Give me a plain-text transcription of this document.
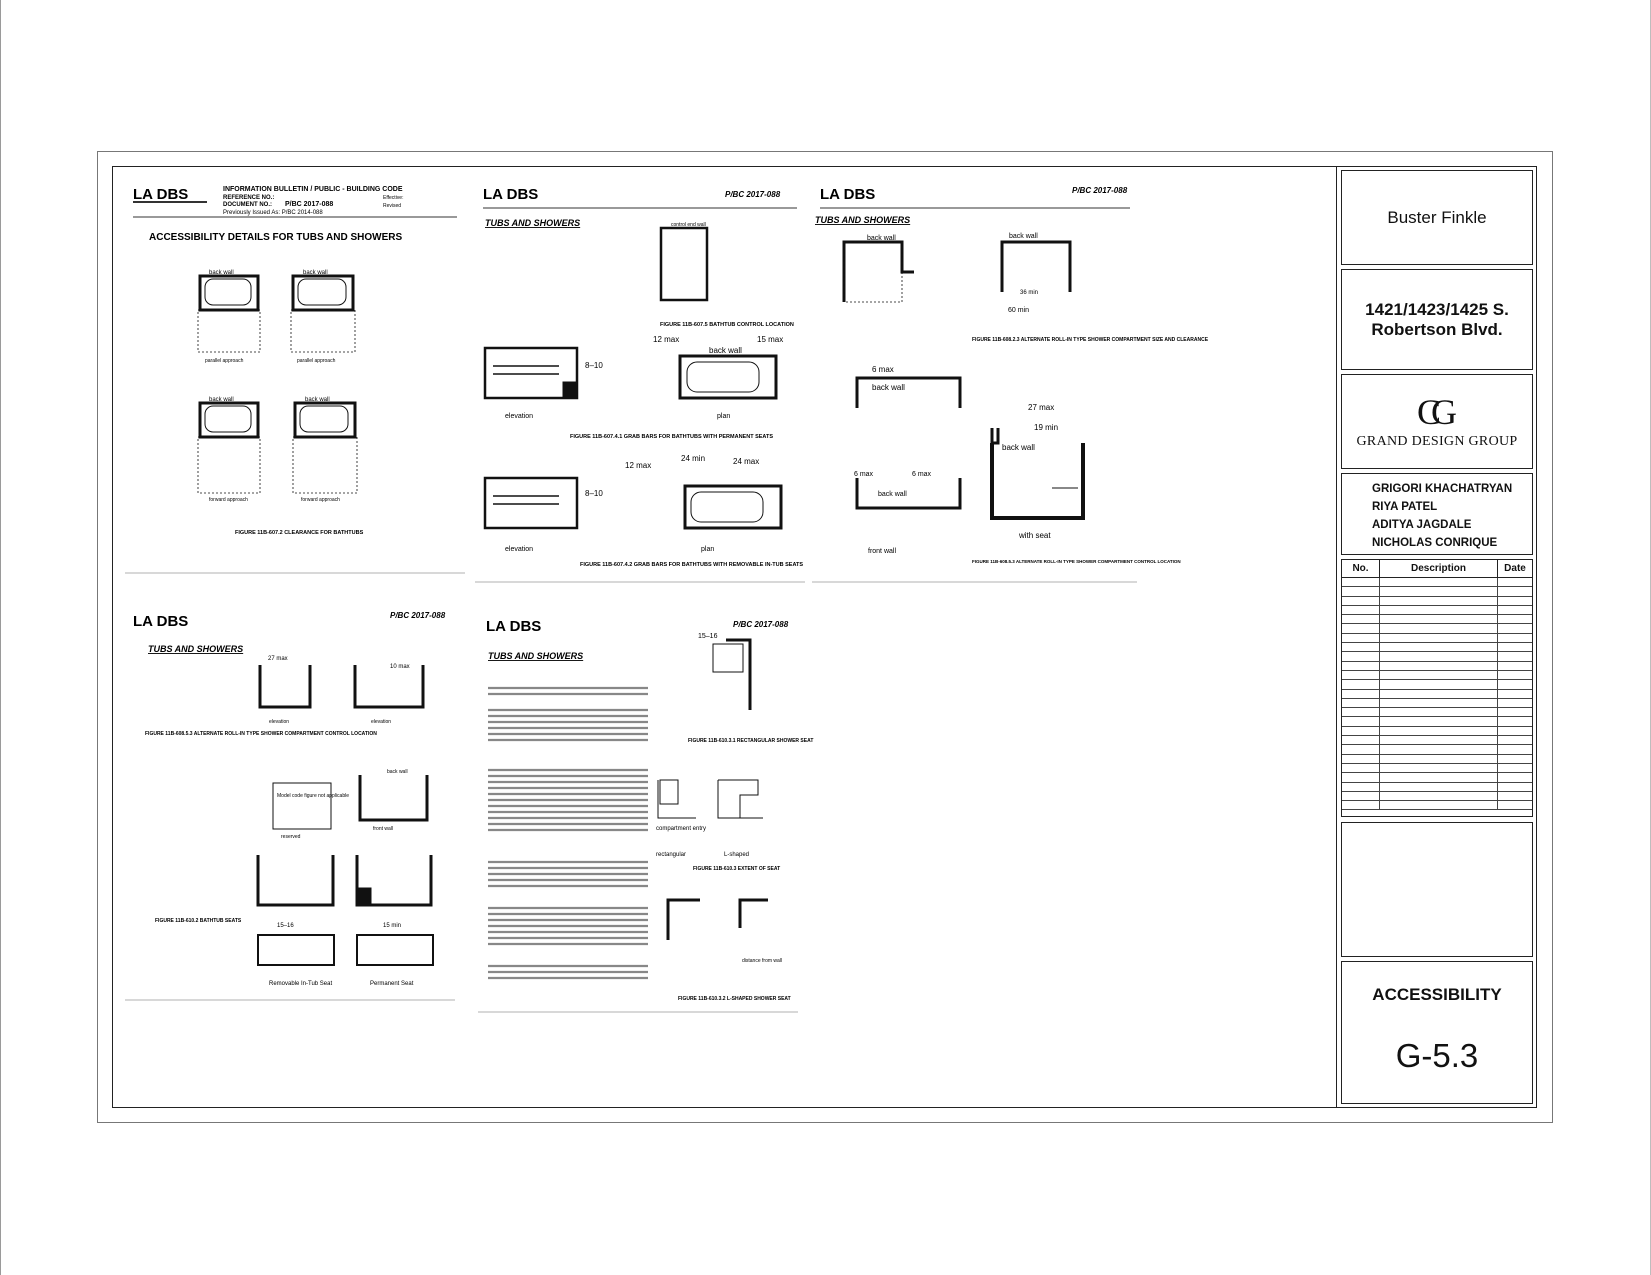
LA DBS	INFORMATION BULLETIN / PUBLIC - BUILDING CODE
REFERENCE NO.:
DOCUMENT NO.: P/BC 2017-088
Previously Issued As: P/BC 2014-088
Effective:
Revised
ACCESSIBILITY DETAILS FOR TUBS AND SHOWERS
back wall	back wall
parallel approach	parallel approach
back wall	back wall
forward approach	forward approach
FIGURE 11B-607.2 CLEARANCE FOR BATHTUBS
LA DBS	P/BC 2017-088
TUBS AND SHOWERS	control end wall
FIGURE 11B-607.5 BATHTUB CONTROL LOCATION
12 max	15 max
back wall
8–10
elevation	plan
FIGURE 11B-607.4.1 GRAB BARS FOR BATHTUBS WITH PERMANENT SEATS
12 max
24 min	24 max
8–10
elevation	plan
FIGURE 11B-607.4.2 GRAB BARS FOR BATHTUBS WITH REMOVABLE IN-TUB SEATS
LA DBS	P/BC 2017-088
TUBS AND SHOWERS
back wall	back wall
36 min
60 min
FIGURE 11B-608.2.3 ALTERNATE ROLL-IN TYPE SHOWER COMPARTMENT SIZE AND CLEARANCE
6 max
back wall
27 max
19 min
back wall
6 max	6 max
back wall
front wall
with seat
FIGURE 11B-608.5.3 ALTERNATE ROLL-IN TYPE SHOWER COMPARTMENT CONTROL LOCATION
LA DBS	P/BC 2017-088
TUBS AND SHOWERS
27 max
10 max
FIGURE 11B-608.5.3 ALTERNATE ROLL-IN TYPE SHOWER COMPARTMENT CONTROL LOCATION
elevation	elevation
Model code figure not applicable
reserved
back wall
front wall
FIGURE 11B-610.2 BATHTUB SEATS
15–16	15 min
Removable In-Tub Seat	Permanent Seat
LA DBS	P/BC 2017-088
TUBS AND SHOWERS
15–16
FIGURE 11B-610.3.1 RECTANGULAR SHOWER SEAT
compartment entry
rectangular	L-shaped
FIGURE 11B-610.3 EXTENT OF SEAT
distance from wall
FIGURE 11B-610.3.2 L-SHAPED SHOWER SEAT
Buster Finkle
1421/1423/1425 S.
Robertson Blvd.
CG
GRAND DESIGN GROUP
GRIGORI KHACHATRYAN
RIYA PATEL
ADITYA JAGDALE
NICHOLAS CONRIQUE
No.	Description	Date
ACCESSIBILITY
G-5.3
